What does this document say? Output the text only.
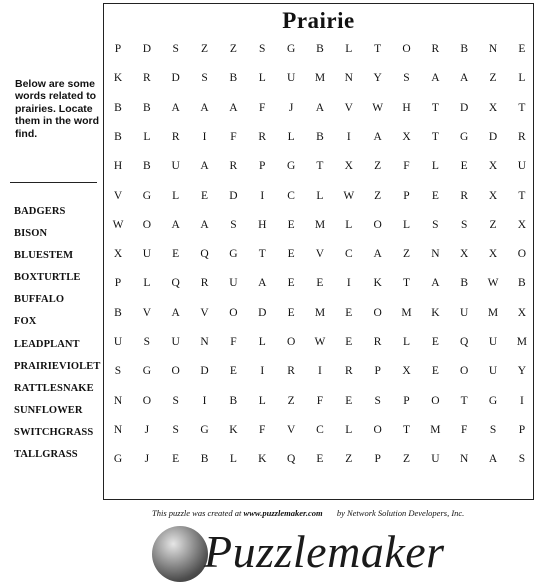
Below are some words related to prairies. Locate them in the word find.
BADGERS
BISON
BLUESTEM
BOXTURTLE
BUFFALO
FOX
LEADPLANT
PRAIRIEVIOLET
RATTLESNAKE
SUNFLOWER
SWITCHGRASS
TALLGRASS
Prairie
P	D	S	Z	Z	S	G	B	L	T	O	R	B	N	E
K	R	D	S	B	L	U	M	N	Y	S	A	A	Z	L
B	B	A	A	A	F	J	A	V	W	H	T	D	X	T
B	L	R	I	F	R	L	B	I	A	X	T	G	D	R
H	B	U	A	R	P	G	T	X	Z	F	L	E	X	U
V	G	L	E	D	I	C	L	W	Z	P	E	R	X	T
W	O	A	A	S	H	E	M	L	O	L	S	S	Z	X
X	U	E	Q	G	T	E	V	C	A	Z	N	X	X	O
P	L	Q	R	U	A	E	E	I	K	T	A	B	W	B
B	V	A	V	O	D	E	M	E	O	M	K	U	M	X
U	S	U	N	F	L	O	W	E	R	L	E	Q	U	M
S	G	O	D	E	I	R	I	R	P	X	E	O	U	Y
N	O	S	I	B	L	Z	F	E	S	P	O	T	G	I
N	J	S	G	K	F	V	C	L	O	T	M	F	S	P
G	J	E	B	L	K	Q	E	Z	P	Z	U	N	A	S
This puzzle was created at www.puzzlemaker.com by Network Solution Developers, Inc.
Puzzlemaker
